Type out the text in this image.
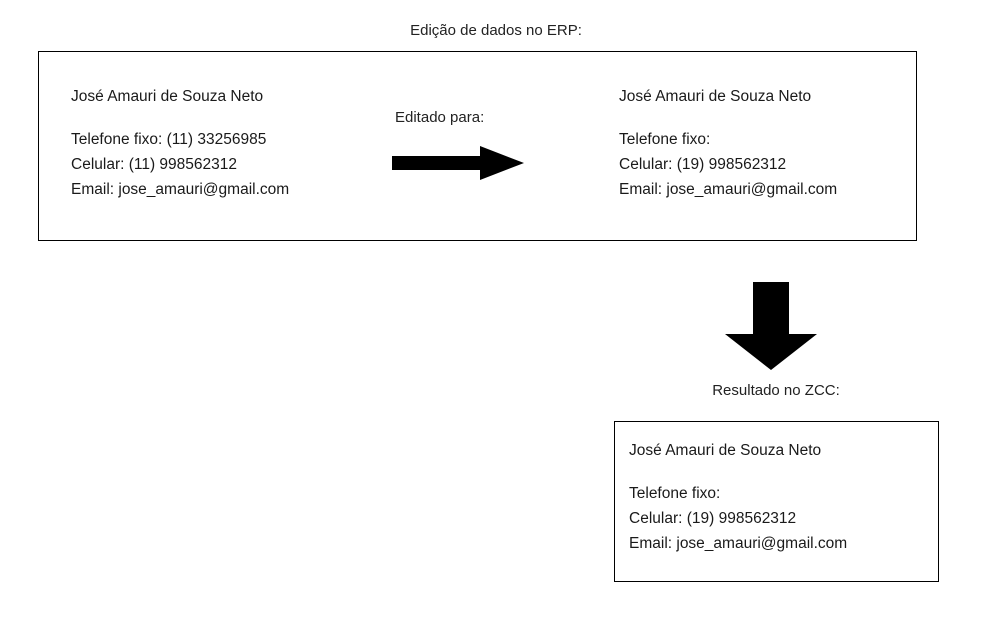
Edição de dados no ERP:
José Amauri de Souza Neto
Telefone fixo: (11) 33256985
Celular: (11) 998562312
Email: jose_amauri@gmail.com
José Amauri de Souza Neto
Telefone fixo:
Celular: (19) 998562312
Email: jose_amauri@gmail.com
Editado para:
Resultado no ZCC:
José Amauri de Souza Neto
Telefone fixo:
Celular: (19) 998562312
Email: jose_amauri@gmail.com
